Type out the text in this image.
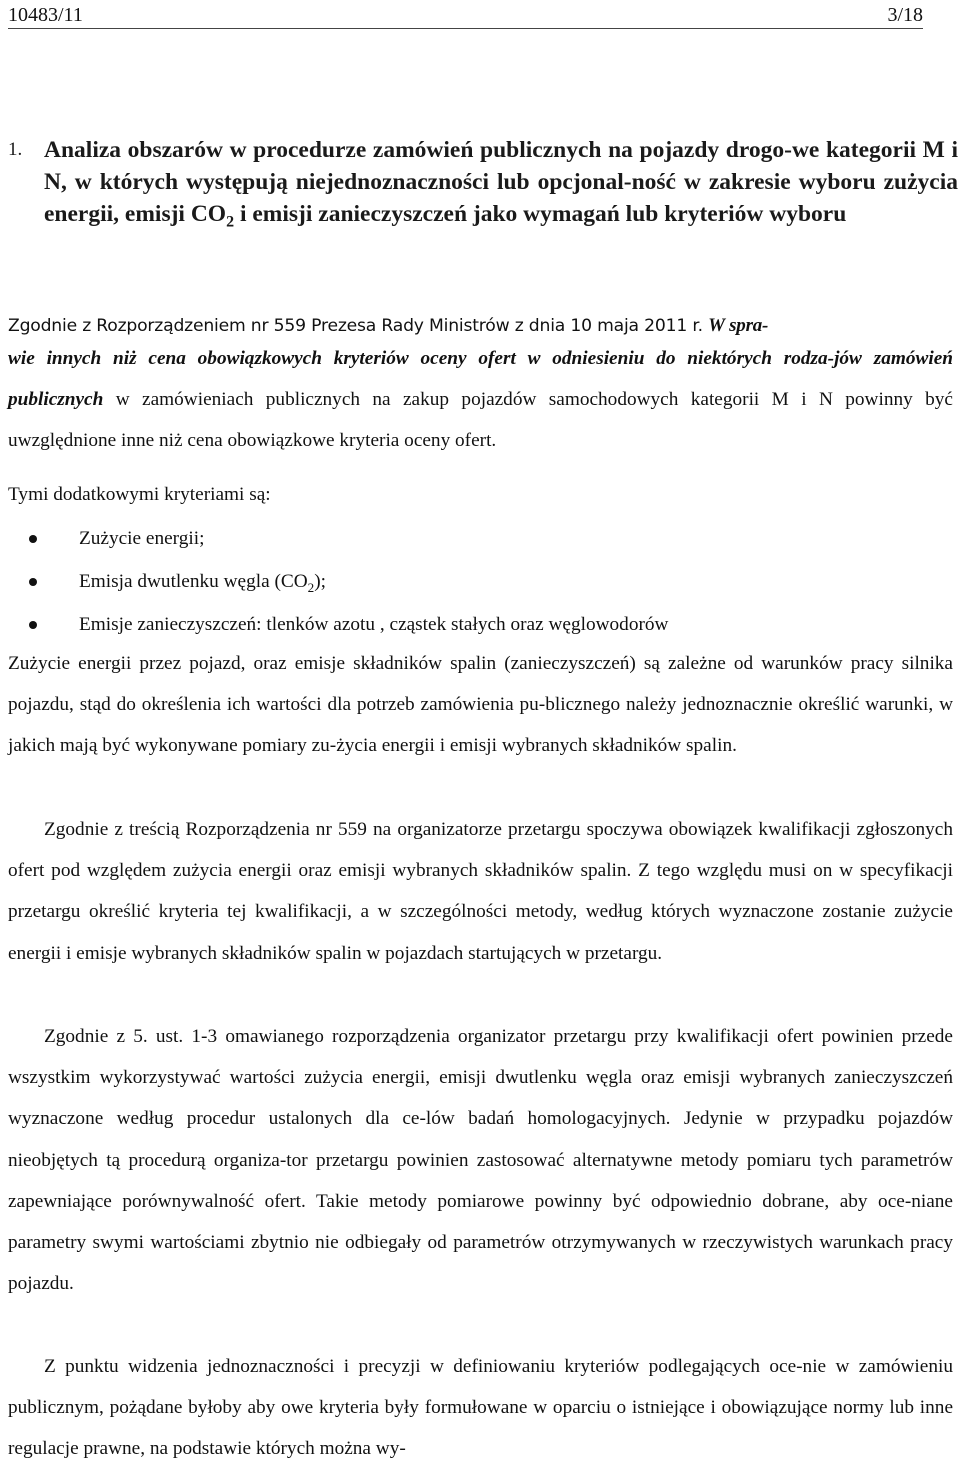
10483/11	3/18
1. Analiza obszarów w procedurze zamówień publicznych na pojazdy drogo-we kategorii M i N, w których występują niejednoznaczności lub opcjonal-ność w zakresie wyboru zużycia energii, emisji $CO_2$ i emisji zanieczyszczeń jako wymagań lub kryteriów wyboru
Zgodnie z Rozporządzeniem nr 559 Prezesa Rady Ministrów z dnia 10 maja 2011 r. W spra-
wie innych niż cena obowiązkowych kryteriów oceny ofert w odniesieniu do niektórych rodza-jów zamówień publicznych w zamówieniach publicznych na zakup pojazdów samochodowych kategorii M i N powinny być uwzględnione inne niż cena obowiązkowe kryteria oceny ofert.
Tymi dodatkowymi kryteriami są:
Zużycie energii;
Emisja dwutlenku węgla $(CO_2)$;
Emisje zanieczyszczeń: tlenków azotu , cząstek stałych oraz węglowodorów
Zużycie energii przez pojazd, oraz emisje składników spalin (zanieczyszczeń) są zależne od warunków pracy silnika pojazdu, stąd do określenia ich wartości dla potrzeb zamówienia pu-blicznego należy jednoznacznie określić warunki, w jakich mają być wykonywane pomiary zu-życia energii i emisji wybranych składników spalin.
Zgodnie z treścią Rozporządzenia nr 559 na organizatorze przetargu spoczywa obowiązek kwalifikacji zgłoszonych ofert pod względem zużycia energii oraz emisji wybranych składników spalin. Z tego względu musi on w specyfikacji przetargu określić kryteria tej kwalifikacji, a w szczególności metody, według których wyznaczone zostanie zużycie energii i emisje wybranych składników spalin w pojazdach startujących w przetargu.
Zgodnie z 5. ust. 1-3 omawianego rozporządzenia organizator przetargu przy kwalifikacji ofert powinien przede wszystkim wykorzystywać wartości zużycia energii, emisji dwutlenku węgla oraz emisji wybranych zanieczyszczeń wyznaczone według procedur ustalonych dla ce-lów badań homologacyjnych. Jedynie w przypadku pojazdów nieobjętych tą procedurą organiza-tor przetargu powinien zastosować alternatywne metody pomiaru tych parametrów zapewniające porównywalność ofert. Takie metody pomiarowe powinny być odpowiednio dobrane, aby oce-niane parametry swymi wartościami zbytnio nie odbiegały od parametrów otrzymywanych w rzeczywistych warunkach pracy pojazdu.
Z punktu widzenia jednoznaczności i precyzji w definiowaniu kryteriów podlegających oce-nie w zamówieniu publicznym, pożądane byłoby aby owe kryteria były formułowane w oparciu o istniejące i obowiązujące normy lub inne regulacje prawne, na podstawie których można wy-
